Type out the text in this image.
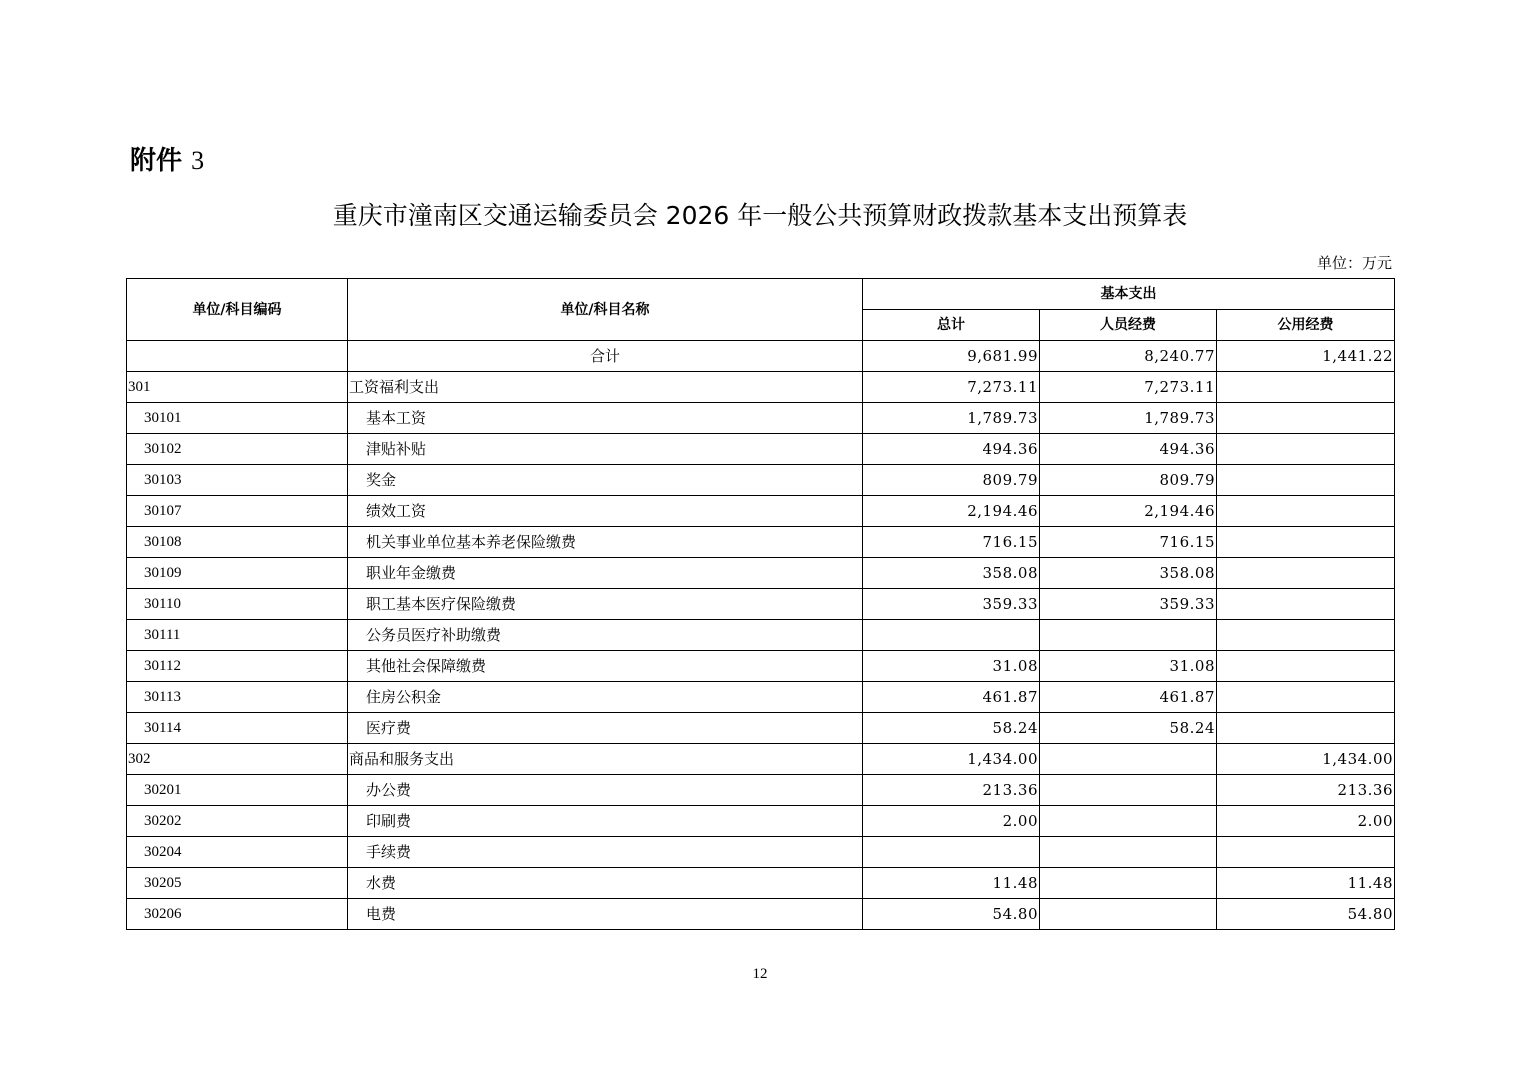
附件 3
重庆市潼南区交通运输委员会 2026 年一般公共预算财政拨款基本支出预算表
单位：万元
单位/科目编码	单位/科目名称	基本支出		
		总计	人员经费	公用经费
	合计	9,681.99	8,240.77	1,441.22
301	工资福利支出	7,273.11	7,273.11	
30101	基本工资	1,789.73	1,789.73	
30102	津贴补贴	494.36	494.36	
30103	奖金	809.79	809.79	
30107	绩效工资	2,194.46	2,194.46	
30108	机关事业单位基本养老保险缴费	716.15	716.15	
30109	职业年金缴费	358.08	358.08	
30110	职工基本医疗保险缴费	359.33	359.33	
30111	公务员医疗补助缴费			
30112	其他社会保障缴费	31.08	31.08	
30113	住房公积金	461.87	461.87	
30114	医疗费	58.24	58.24	
302	商品和服务支出	1,434.00		1,434.00
30201	办公费	213.36		213.36
30202	印刷费	2.00		2.00
30204	手续费			
30205	水费	11.48		11.48
30206	电费	54.80		54.80
12
